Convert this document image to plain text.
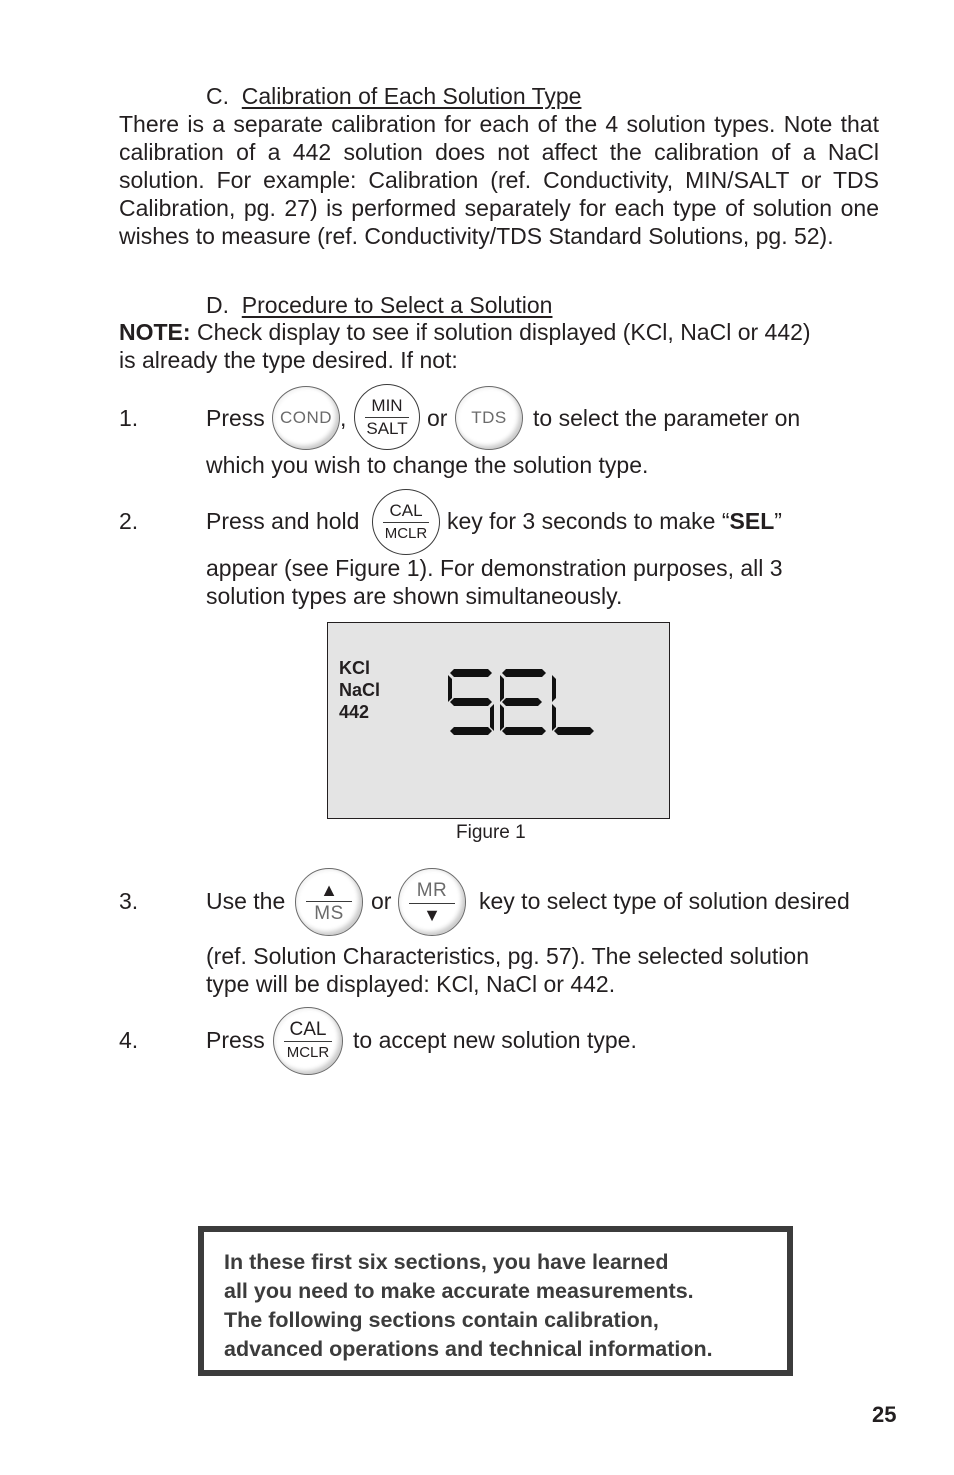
C. Calibration of Each Solution Type
There is a separate calibration for each of the 4 solution types. Note that calibration of a 442 solution does not affect the calibration of a NaCl solution. For example: Calibration (ref. Conductivity, MIN/SALT or TDS Calibration, pg. 27) is performed separately for each type of solution one wishes to measure (ref. Conductivity/TDS Standard Solutions, pg. 52).
D. Procedure to Select a Solution
NOTE: Check display to see if solution displayed (KCl, NaCl or 442)
is already the type desired. If not:
1.	Press COND , MIN
SALT or TDS to select the parameter on
which you wish to change the solution type.
2.	Press and hold CAL
MCLR key for 3 seconds to make “SEL”
appear (see Figure 1). For demonstration purposes, all 3
solution types are shown simultaneously.
KCl
NaCl
442
Figure 1
3.	Use the ▲
MS or MR
▼
key to select type of solution desired
(ref. Solution Characteristics, pg. 57). The selected solution
type will be displayed: KCl, NaCl or 442.
4.	Press CAL
MCLR to accept new solution type.
In these first six sections, you have learned
all you need to make accurate measurements.
The following sections contain calibration,
advanced operations and technical information.
25
